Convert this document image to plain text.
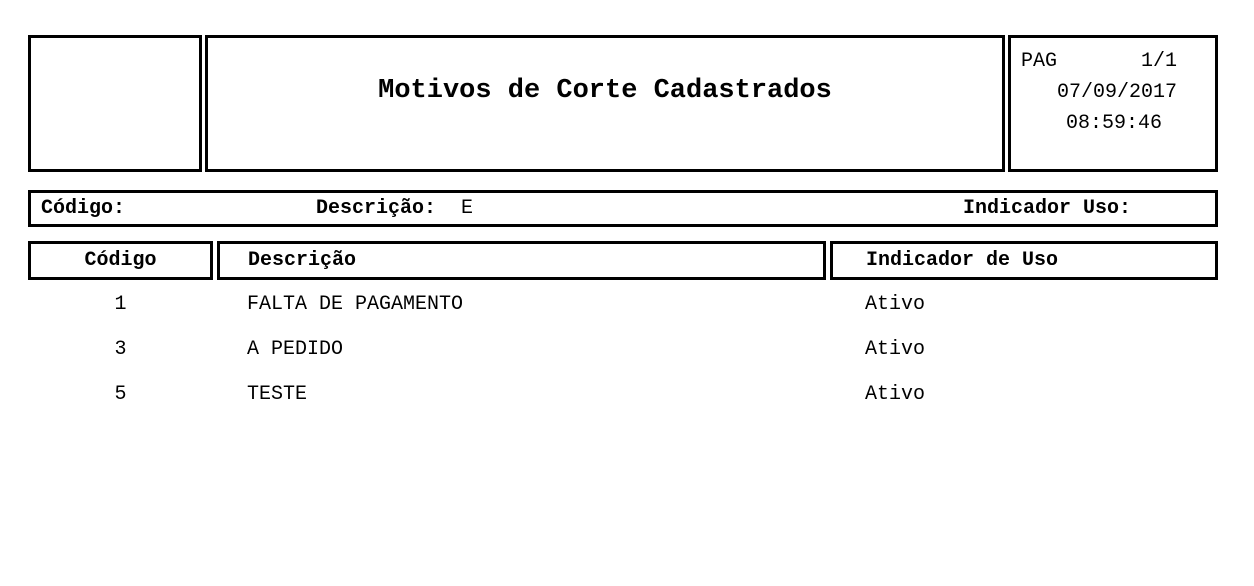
Motivos de Corte Cadastrados
PAG	1/1
07/09/2017
08:59:46
Código:	Descrição: E	Indicador Uso:
Código	Descrição	Indicador de Uso
1	FALTA DE PAGAMENTO	Ativo
3	A PEDIDO	Ativo
5	TESTE	Ativo
